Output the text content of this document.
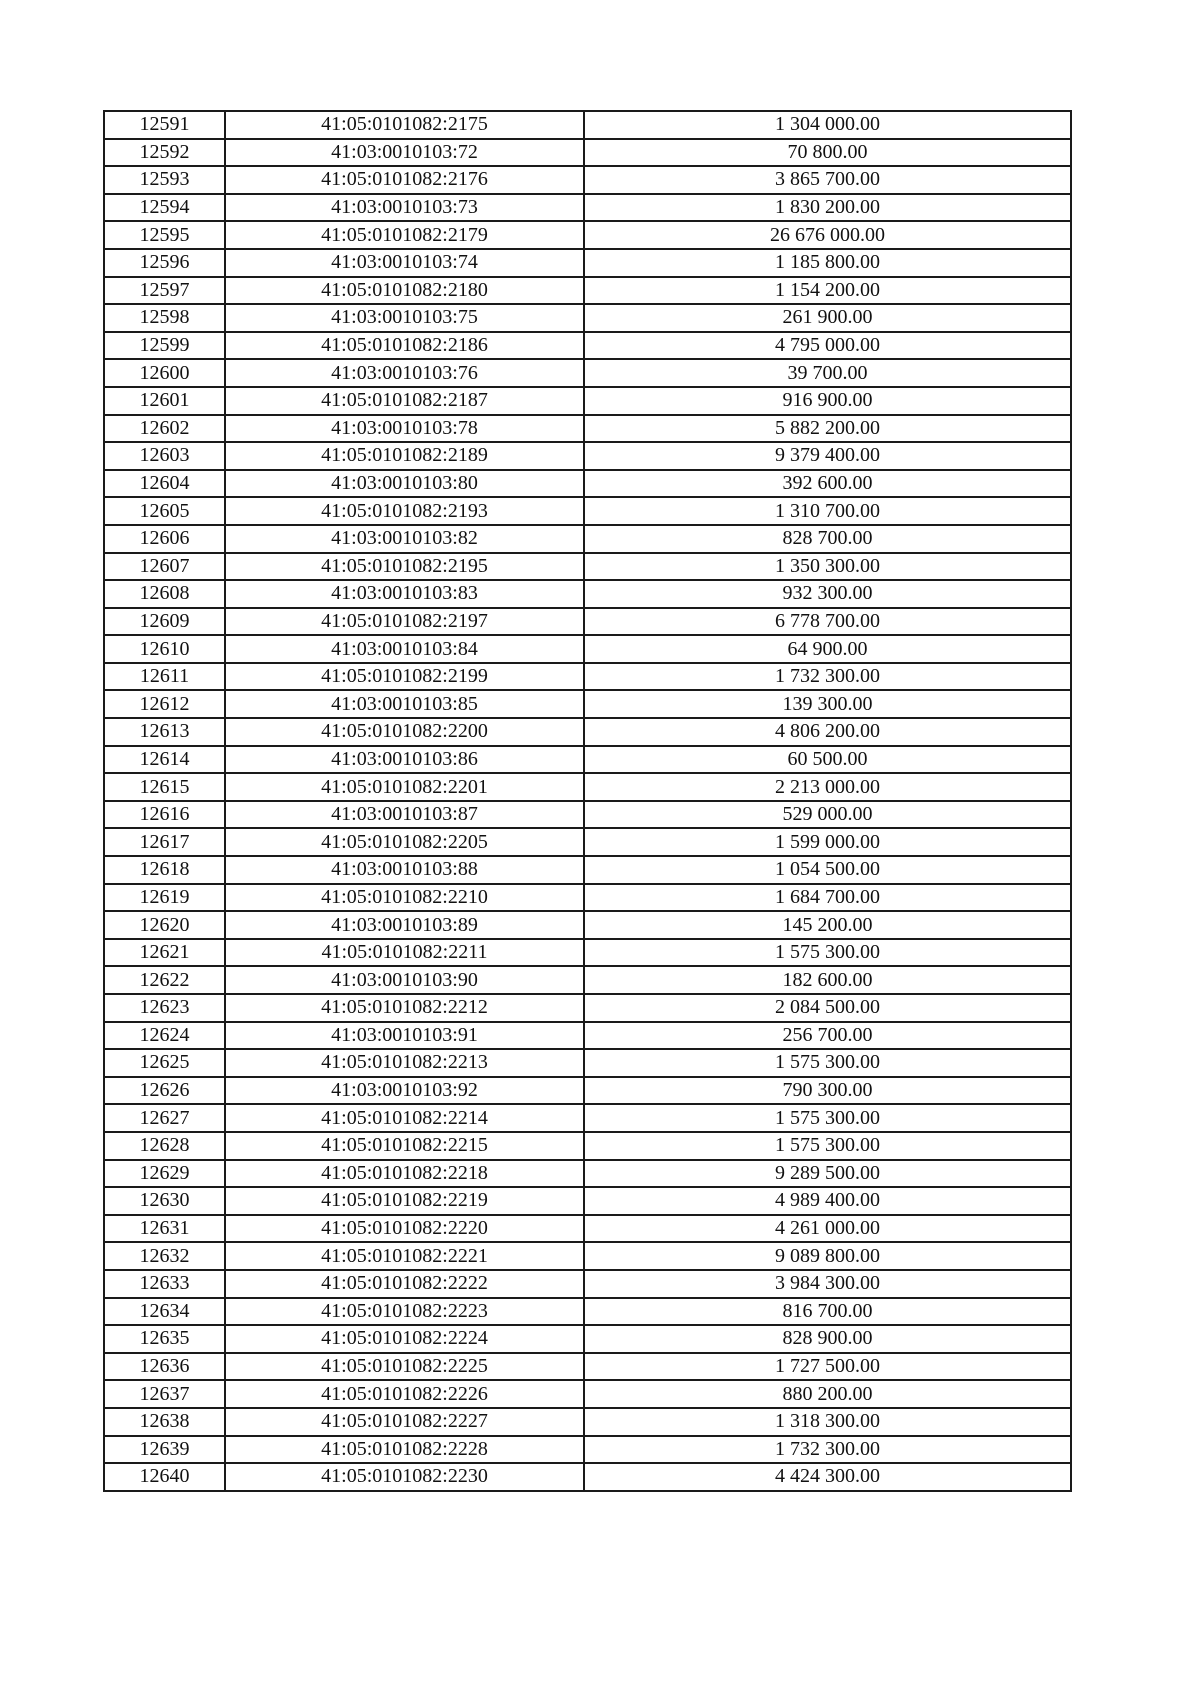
12591	41:05:0101082:2175	1 304 000.00
12592	41:03:0010103:72	70 800.00
12593	41:05:0101082:2176	3 865 700.00
12594	41:03:0010103:73	1 830 200.00
12595	41:05:0101082:2179	26 676 000.00
12596	41:03:0010103:74	1 185 800.00
12597	41:05:0101082:2180	1 154 200.00
12598	41:03:0010103:75	261 900.00
12599	41:05:0101082:2186	4 795 000.00
12600	41:03:0010103:76	39 700.00
12601	41:05:0101082:2187	916 900.00
12602	41:03:0010103:78	5 882 200.00
12603	41:05:0101082:2189	9 379 400.00
12604	41:03:0010103:80	392 600.00
12605	41:05:0101082:2193	1 310 700.00
12606	41:03:0010103:82	828 700.00
12607	41:05:0101082:2195	1 350 300.00
12608	41:03:0010103:83	932 300.00
12609	41:05:0101082:2197	6 778 700.00
12610	41:03:0010103:84	64 900.00
12611	41:05:0101082:2199	1 732 300.00
12612	41:03:0010103:85	139 300.00
12613	41:05:0101082:2200	4 806 200.00
12614	41:03:0010103:86	60 500.00
12615	41:05:0101082:2201	2 213 000.00
12616	41:03:0010103:87	529 000.00
12617	41:05:0101082:2205	1 599 000.00
12618	41:03:0010103:88	1 054 500.00
12619	41:05:0101082:2210	1 684 700.00
12620	41:03:0010103:89	145 200.00
12621	41:05:0101082:2211	1 575 300.00
12622	41:03:0010103:90	182 600.00
12623	41:05:0101082:2212	2 084 500.00
12624	41:03:0010103:91	256 700.00
12625	41:05:0101082:2213	1 575 300.00
12626	41:03:0010103:92	790 300.00
12627	41:05:0101082:2214	1 575 300.00
12628	41:05:0101082:2215	1 575 300.00
12629	41:05:0101082:2218	9 289 500.00
12630	41:05:0101082:2219	4 989 400.00
12631	41:05:0101082:2220	4 261 000.00
12632	41:05:0101082:2221	9 089 800.00
12633	41:05:0101082:2222	3 984 300.00
12634	41:05:0101082:2223	816 700.00
12635	41:05:0101082:2224	828 900.00
12636	41:05:0101082:2225	1 727 500.00
12637	41:05:0101082:2226	880 200.00
12638	41:05:0101082:2227	1 318 300.00
12639	41:05:0101082:2228	1 732 300.00
12640	41:05:0101082:2230	4 424 300.00
